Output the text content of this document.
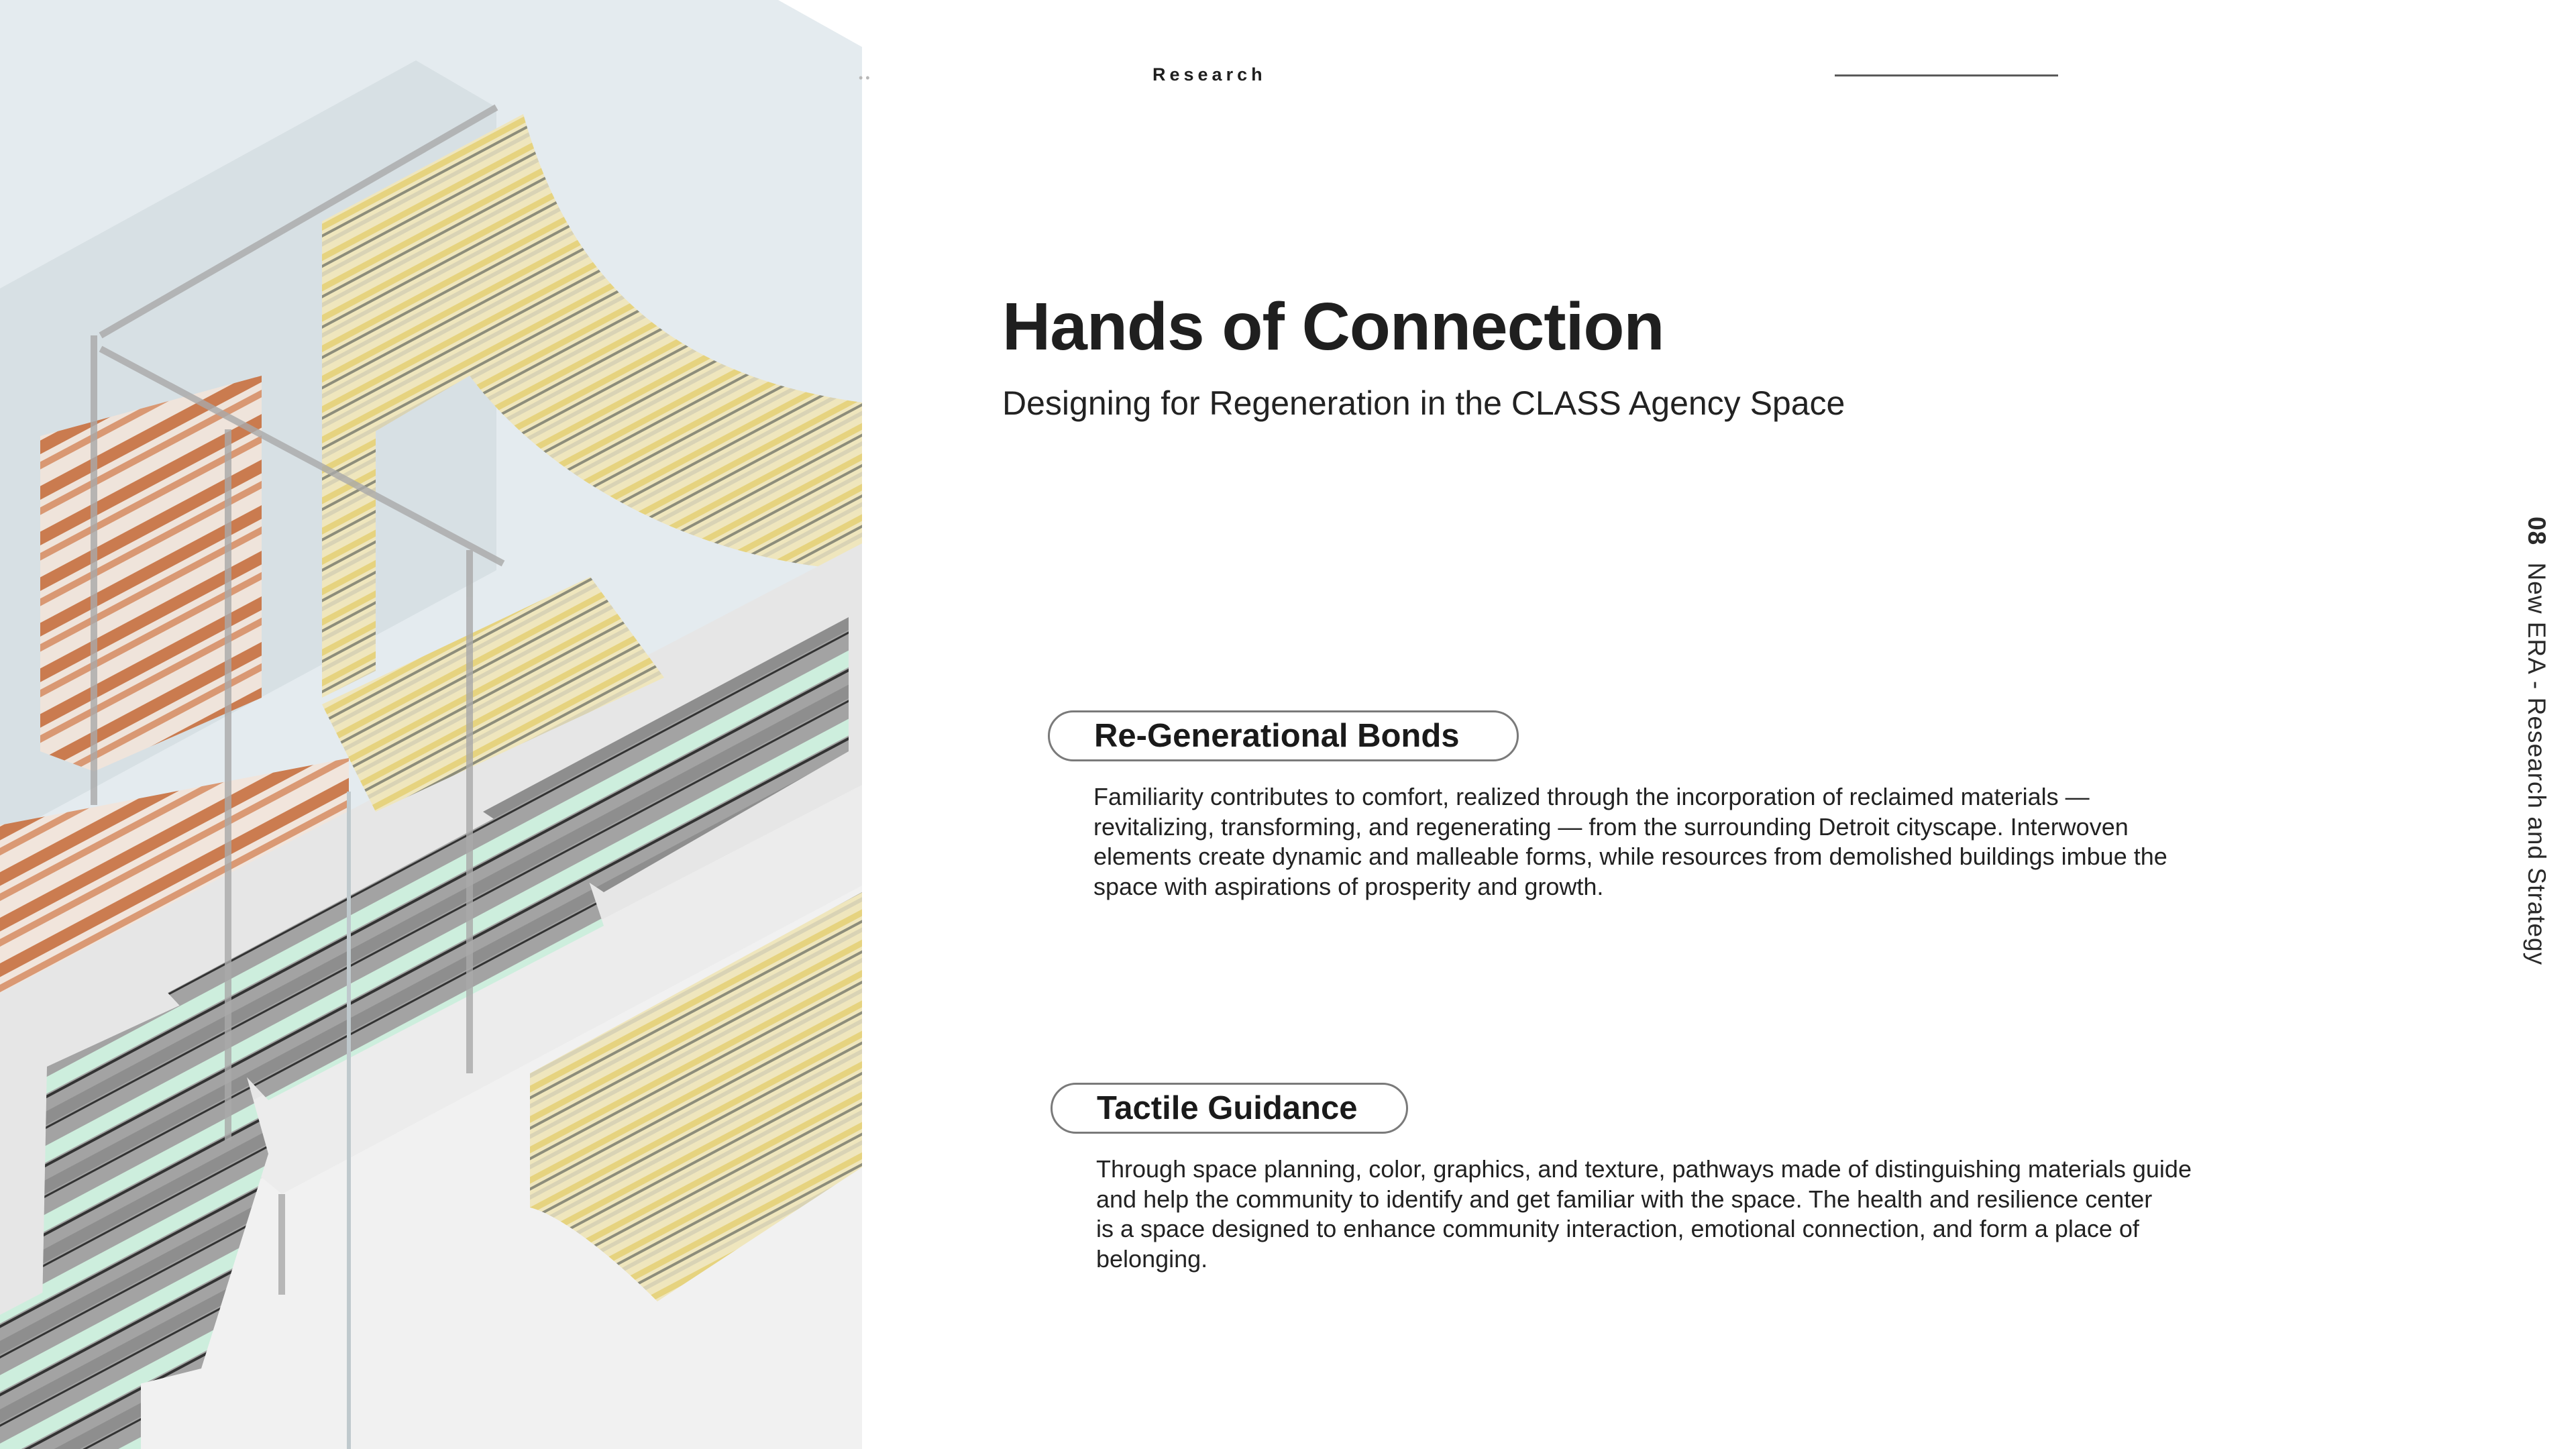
••	Research
Hands of Connection
Designing for Regeneration in the CLASS Agency Space
Re-Generational Bonds
Familiarity contributes to comfort, realized through the incorporation of reclaimed materials —
revitalizing, transforming, and regenerating — from the surrounding Detroit cityscape. Interwoven
elements create dynamic and malleable forms, while resources from demolished buildings imbue the
space with aspirations of prosperity and growth.
Tactile Guidance
Through space planning, color, graphics, and texture, pathways made of distinguishing materials guide
and help the community to identify and get familiar with the space. The health and resilience center
is a space designed to enhance community interaction, emotional connection, and form a place of
belonging.
08 New ERA - Research and Strategy
